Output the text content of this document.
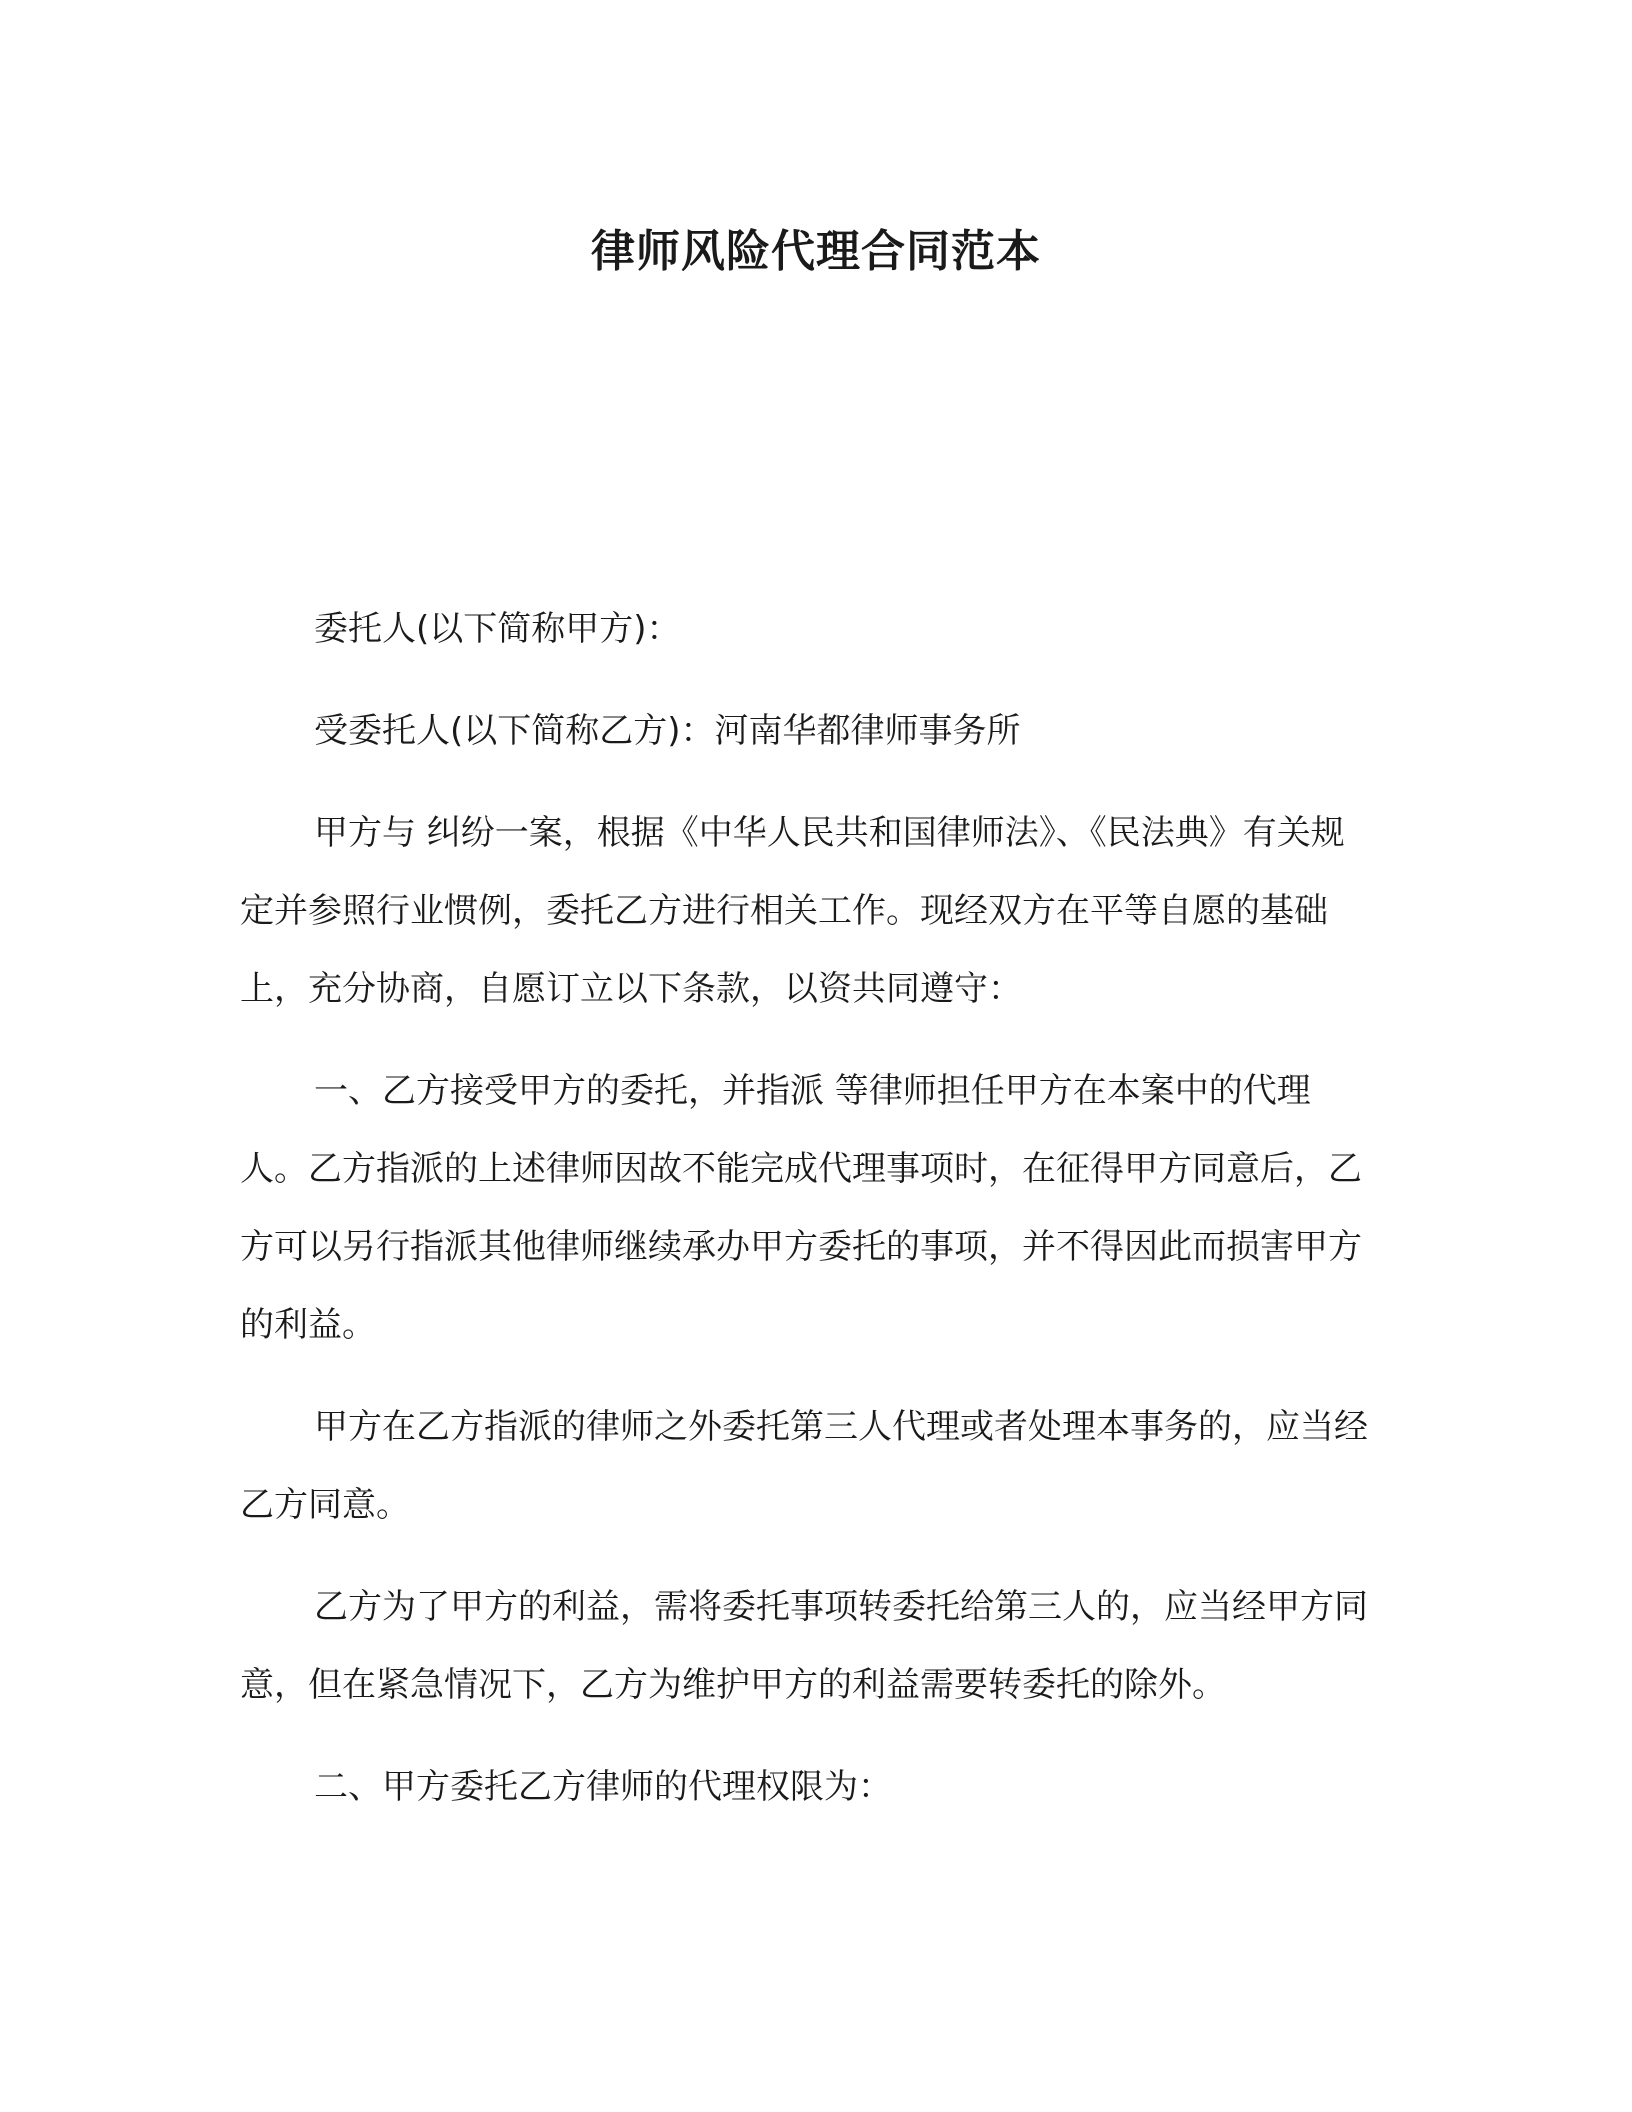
律师风险代理合同范本

委托人(以下简称甲方)：

受委托人(以下简称乙方)：河南华都律师事务所

甲方与 纠纷一案，根据《中华人民共和国律师法》、《民法典》有关规定并参照行业惯例，委托乙方进行相关工作。现经双方在平等自愿的基础上，充分协商，自愿订立以下条款，以资共同遵守：

一、乙方接受甲方的委托，并指派 等律师担任甲方在本案中的代理人。乙方指派的上述律师因故不能完成代理事项时，在征得甲方同意后，乙方可以另行指派其他律师继续承办甲方委托的事项，并不得因此而损害甲方的利益。

甲方在乙方指派的律师之外委托第三人代理或者处理本事务的，应当经乙方同意。

乙方为了甲方的利益，需将委托事项转委托给第三人的，应当经甲方同意，但在紧急情况下，乙方为维护甲方的利益需要转委托的除外。

二、甲方委托乙方律师的代理权限为：
